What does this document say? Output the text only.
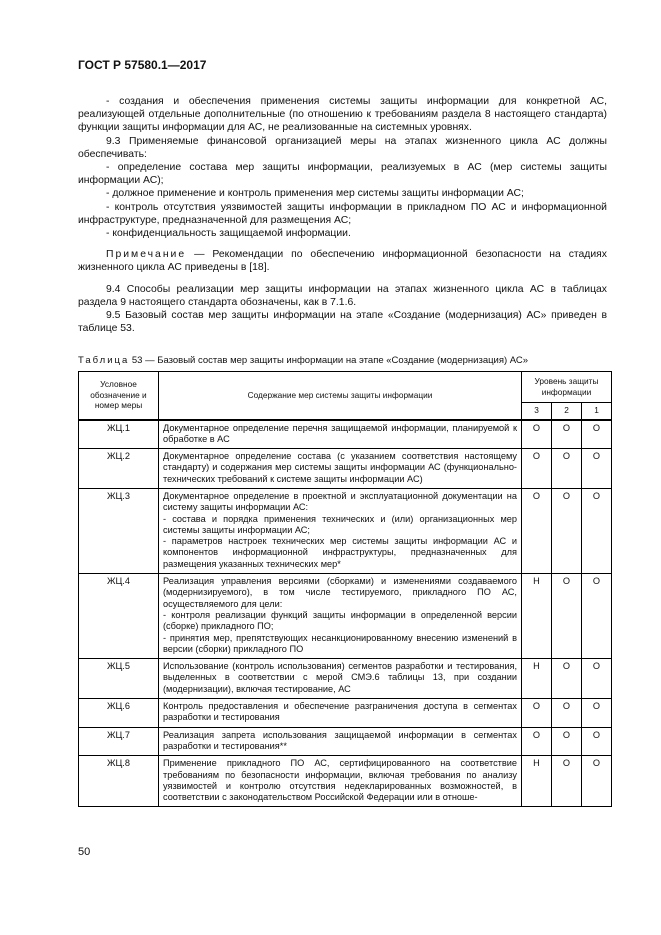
ГОСТ Р 57580.1—2017

- создания и обеспечения применения системы защиты информации для конкретной АС, реализующей отдельные дополнительные (по отношению к требованиям раздела 8 настоящего стандарта) функции защиты информации для АС, не реализованные на системных уровнях.

9.3 Применяемые финансовой организацией меры на этапах жизненного цикла АС должны обеспечивать:

- определение состава мер защиты информации, реализуемых в АС (мер системы защиты информации АС);

- должное применение и контроль применения мер системы защиты информации АС;

- контроль отсутствия уязвимостей защиты информации в прикладном ПО АС и информационной инфраструктуре, предназначенной для размещения АС;

- конфиденциальность защищаемой информации.

Примечание — Рекомендации по обеспечению информационной безопасности на стадиях жизненного цикла АС приведены в [18].

9.4 Способы реализации мер защиты информации на этапах жизненного цикла АС в таблицах раздела 9 настоящего стандарта обозначены, как в 7.1.6.

9.5 Базовый состав мер защиты информации на этапе «Создание (модернизация) АС» приведен в таблице 53.

Таблица 53 — Базовый состав мер защиты информации на этапе «Создание (модернизация) АС»
Условное обозначение и номер меры	Содержание мер системы защиты информации	Уровень защиты информации		
		3	2	1
ЖЦ.1	Документарное определение перечня защищаемой информации, планируемой к обработке в АС	О	О	О
ЖЦ.2	Документарное определение состава (с указанием соответствия настоящему стандарту) и содержания мер системы защиты информации АС (функционально-технических требований к системе защиты информации АС)	О	О	О
ЖЦ.3	Документарное определение в проектной и эксплуатационной документации на систему защиты информации АС:
- состава и порядка применения технических и (или) организационных мер системы защиты информации АС;
- параметров настроек технических мер системы защиты информации АС и компонентов информационной инфраструктуры, предназначенных для размещения указанных технических мер*	О	О	О
ЖЦ.4	Реализация управления версиями (сборками) и изменениями создаваемого (модернизируемого), в том числе тестируемого, прикладного ПО АС, осуществляемого для цели:
- контроля реализации функций защиты информации в определенной версии (сборке) прикладного ПО;
- принятия мер, препятствующих несанкционированному внесению изменений в версии (сборки) прикладного ПО	Н	О	О
ЖЦ.5	Использование (контроль использования) сегментов разработки и тестирования, выделенных в соответствии с мерой СМЭ.6 таблицы 13, при создании (модернизации), включая тестирование, АС	Н	О	О
ЖЦ.6	Контроль предоставления и обеспечение разграничения доступа в сегментах разработки и тестирования	О	О	О
ЖЦ.7	Реализация запрета использования защищаемой информации в сегментах разработки и тестирования**	О	О	О
ЖЦ.8	Применение прикладного ПО АС, сертифицированного на соответствие требованиям по безопасности информации, включая требования по анализу уязвимостей и контролю отсутствия недекларированных возможностей, в соответствии с законодательством Российской Федерации или в отноше-	Н	О	О
50
